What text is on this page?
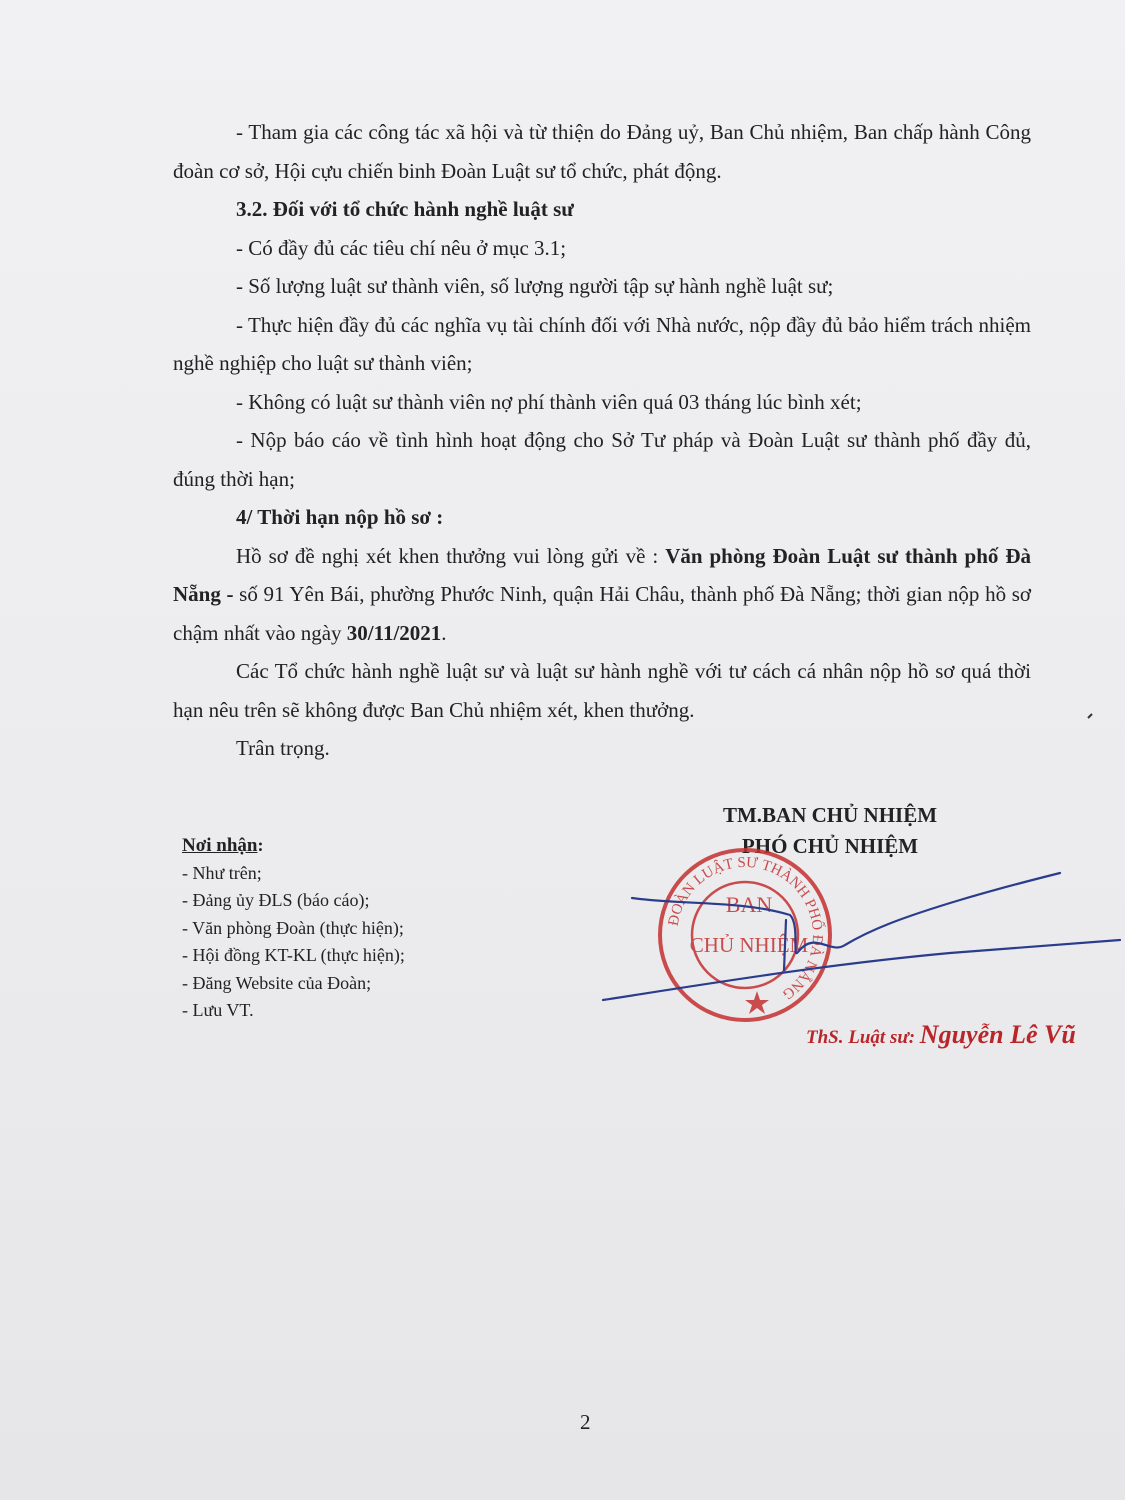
- Tham gia các công tác xã hội và từ thiện do Đảng uỷ, Ban Chủ nhiệm, Ban chấp hành Công đoàn cơ sở, Hội cựu chiến binh Đoàn Luật sư tổ chức, phát động.

3.2. Đối với tổ chức hành nghề luật sư

- Có đầy đủ các tiêu chí nêu ở mục 3.1;

- Số lượng luật sư thành viên, số lượng người tập sự hành nghề luật sư;

- Thực hiện đầy đủ các nghĩa vụ tài chính đối với Nhà nước, nộp đầy đủ bảo hiểm trách nhiệm nghề nghiệp cho luật sư thành viên;

- Không có luật sư thành viên nợ phí thành viên quá 03 tháng lúc bình xét;

- Nộp báo cáo về tình hình hoạt động cho Sở Tư pháp và Đoàn Luật sư thành phố đầy đủ, đúng thời hạn;

4/ Thời hạn nộp hồ sơ :

Hồ sơ đề nghị xét khen thưởng vui lòng gửi về : Văn phòng Đoàn Luật sư thành phố Đà Nẵng - số 91 Yên Bái, phường Phước Ninh, quận Hải Châu, thành phố Đà Nẵng; thời gian nộp hồ sơ chậm nhất vào ngày 30/11/2021.

Các Tổ chức hành nghề luật sư và luật sư hành nghề với tư cách cá nhân nộp hồ sơ quá thời hạn nêu trên sẽ không được Ban Chủ nhiệm xét, khen thưởng.

Trân trọng.

Nơi nhận:
- Như trên;
- Đảng ủy ĐLS (báo cáo);
- Văn phòng Đoàn (thực hiện);
- Hội đồng KT-KL (thực hiện);
- Đăng Website của Đoàn;
- Lưu VT.
TM.BAN CHỦ NHIỆM
PHÓ CHỦ NHIỆM
ĐOÀN LUẬT SƯ THÀNH PHỐ ĐÀ NẴNG
BAN
CHỦ NHIỆM
ThS. Luật sư: Nguyễn Lê Vũ
2
